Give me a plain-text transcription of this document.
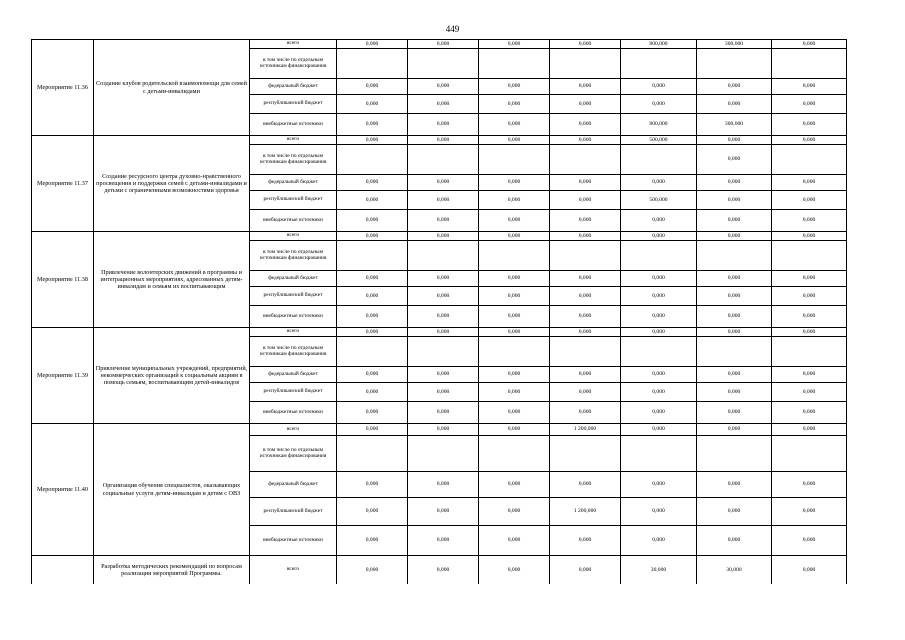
449
Мероприятие 11.36	Создание клубов родительской взаимопомощи для семей с детьми-инвалидами	всего	0,000	0,000	0,000	0,000	800,000	300,000	0,000
		в том числе по отдельным источникам финансирования							
		федеральный бюджет	0,000	0,000	0,000	0,000	0,000	0,000	0,000
		республиканский бюджет	0,000	0,000	0,000	0,000	0,000	0,000	0,000
		внебюджетные источники	0,000	0,000	0,000	0,000	800,000	300,000	0,000
Мероприятие 11.37	Создание ресурсного центра духовно-нравственного просвещения и поддержки семей с детьми-инвалидами и детьми с ограниченными возможностями здоровья	всего	0,000	0,000	0,000	0,000	500,000	0,000	0,000
		в том числе по отдельным источникам финансирования						0,000	
		федеральный бюджет	0,000	0,000	0,000	0,000	0,000	0,000	0,000
		республиканский бюджет	0,000	0,000	0,000	0,000	500,000	0,000	0,000
		внебюджетные источники	0,000	0,000	0,000	0,000	0,000	0,000	0,000
Мероприятие 11.38	Привлечение волонтерских движений в программы и интеграционных мероприятиях, адресованных детям-инвалидам и семьям их воспитывающим	всего	0,000	0,000	0,000	0,000	0,000	0,000	0,000
		в том числе по отдельным источникам финансирования							
		федеральный бюджет	0,000	0,000	0,000	0,000	0,000	0,000	0,000
		республиканский бюджет	0,000	0,000	0,000	0,000	0,000	0,000	0,000
		внебюджетные источники	0,000	0,000	0,000	0,000	0,000	0,000	0,000
Мероприятие 11.39	Привлечение муниципальных учреждений, предприятий, некоммерческих организаций к социальным акциям в помощь семьям, воспитывающим детей-инвалидов	всего	0,000	0,000	0,000	0,000	0,000	0,000	0,000
		в том числе по отдельным источникам финансирования							
		федеральный бюджет	0,000	0,000	0,000	0,000	0,000	0,000	0,000
		республиканский бюджет	0,000	0,000	0,000	0,000	0,000	0,000	0,000
		внебюджетные источники	0,000	0,000	0,000	0,000	0,000	0,000	0,000
Мероприятие 11.40	Организация обучения специалистов, оказывающих социальные услуги детям-инвалидам и детям с ОВЗ	всего	0,000	0,000	0,000	1 200,000	0,000	0,000	0,000
		в том числе по отдельным источникам финансирования							
		федеральный бюджет	0,000	0,000	0,000	0,000	0,000	0,000	0,000
		республиканский бюджет	0,000	0,000	0,000	1 200,000	0,000	0,000	0,000
		внебюджетные источники	0,000	0,000	0,000	0,000	0,000	0,000	0,000
	Разработка методических рекомендаций по вопросам реализации мероприятий Программы.	всего	0,000	0,000	0,000	0,000	30,000	30,000	0,000
